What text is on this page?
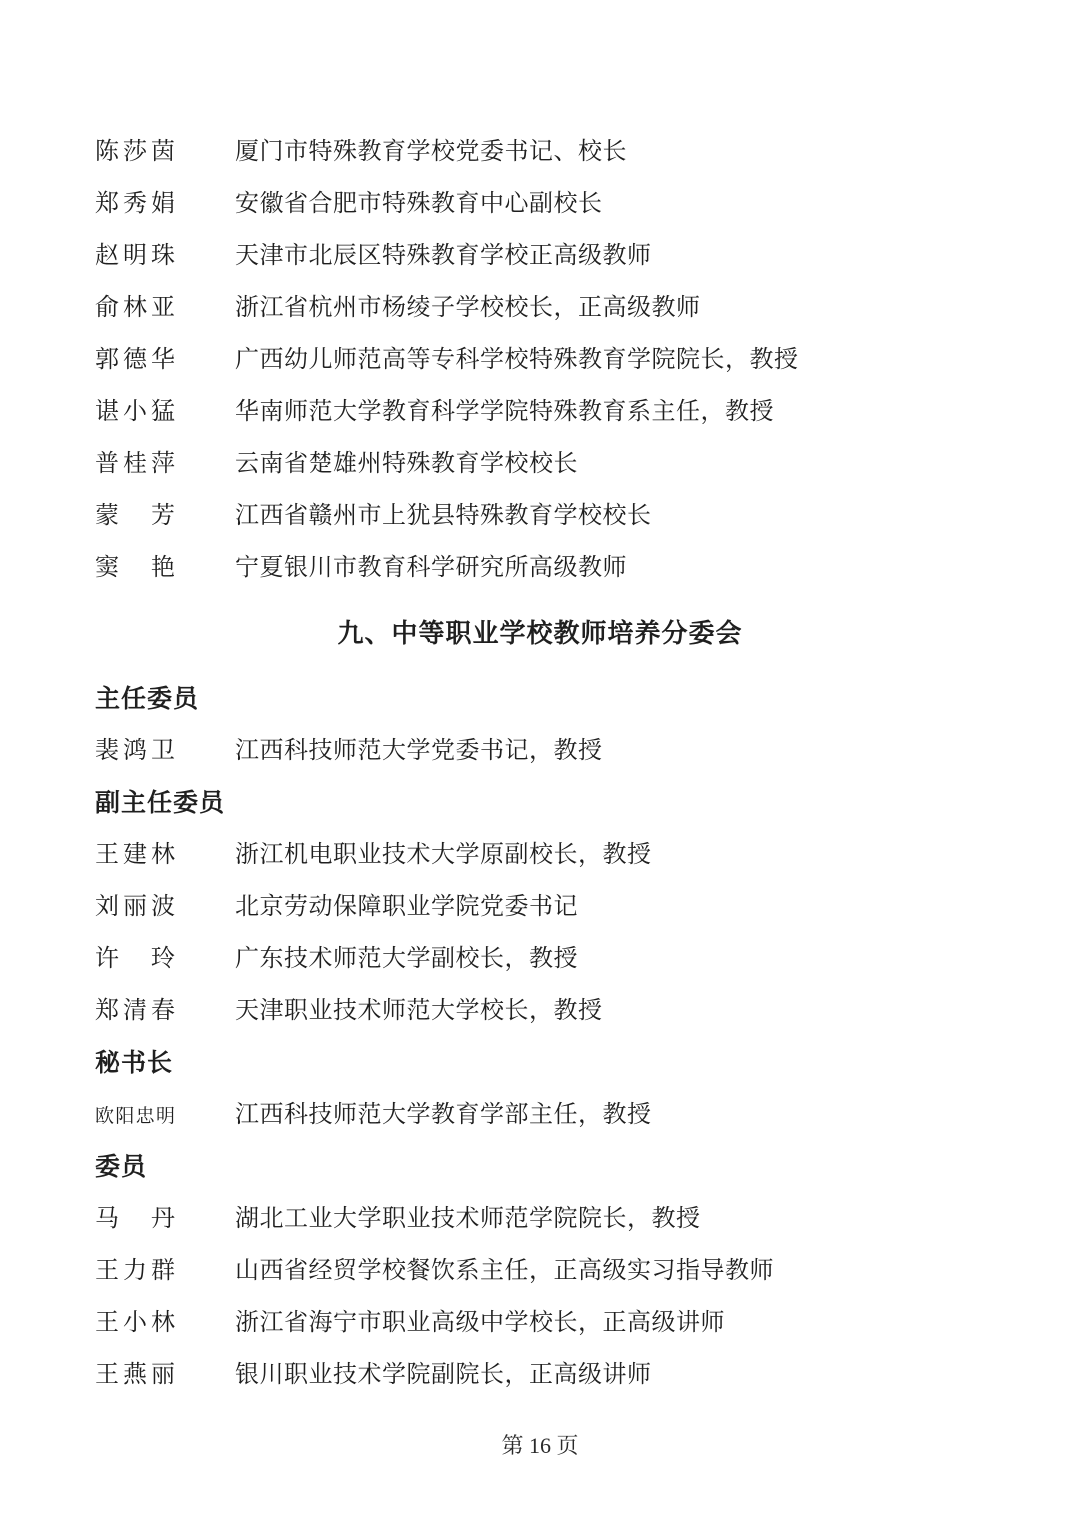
陈 莎 茵	厦门市特殊教育学校党委书记、校长
郑 秀 娟	安徽省合肥市特殊教育中心副校长
赵 明 珠	天津市北辰区特殊教育学校正高级教师
俞 林 亚	浙江省杭州市杨绫子学校校长，正高级教师
郭 德 华	广西幼儿师范高等专科学校特殊教育学院院长，教授
谌 小 猛	华南师范大学教育科学学院特殊教育系主任，教授
普 桂 萍	云南省楚雄州特殊教育学校校长
蒙 芳	江西省赣州市上犹县特殊教育学校校长
窦 艳	宁夏银川市教育科学研究所高级教师
九、中等职业学校教师培养分委会
主任委员
裴 鸿 卫	江西科技师范大学党委书记，教授
副主任委员
王 建 林	浙江机电职业技术大学原副校长，教授
刘 丽 波	北京劳动保障职业学院党委书记
许 玲	广东技术师范大学副校长，教授
郑 清 春	天津职业技术师范大学校长，教授
秘书长
欧 阳 忠 明	江西科技师范大学教育学部主任，教授
委员
马 丹	湖北工业大学职业技术师范学院院长，教授
王 力 群	山西省经贸学校餐饮系主任，正高级实习指导教师
王 小 林	浙江省海宁市职业高级中学校长，正高级讲师
王 燕 丽	银川职业技术学院副院长，正高级讲师
第 16 页
